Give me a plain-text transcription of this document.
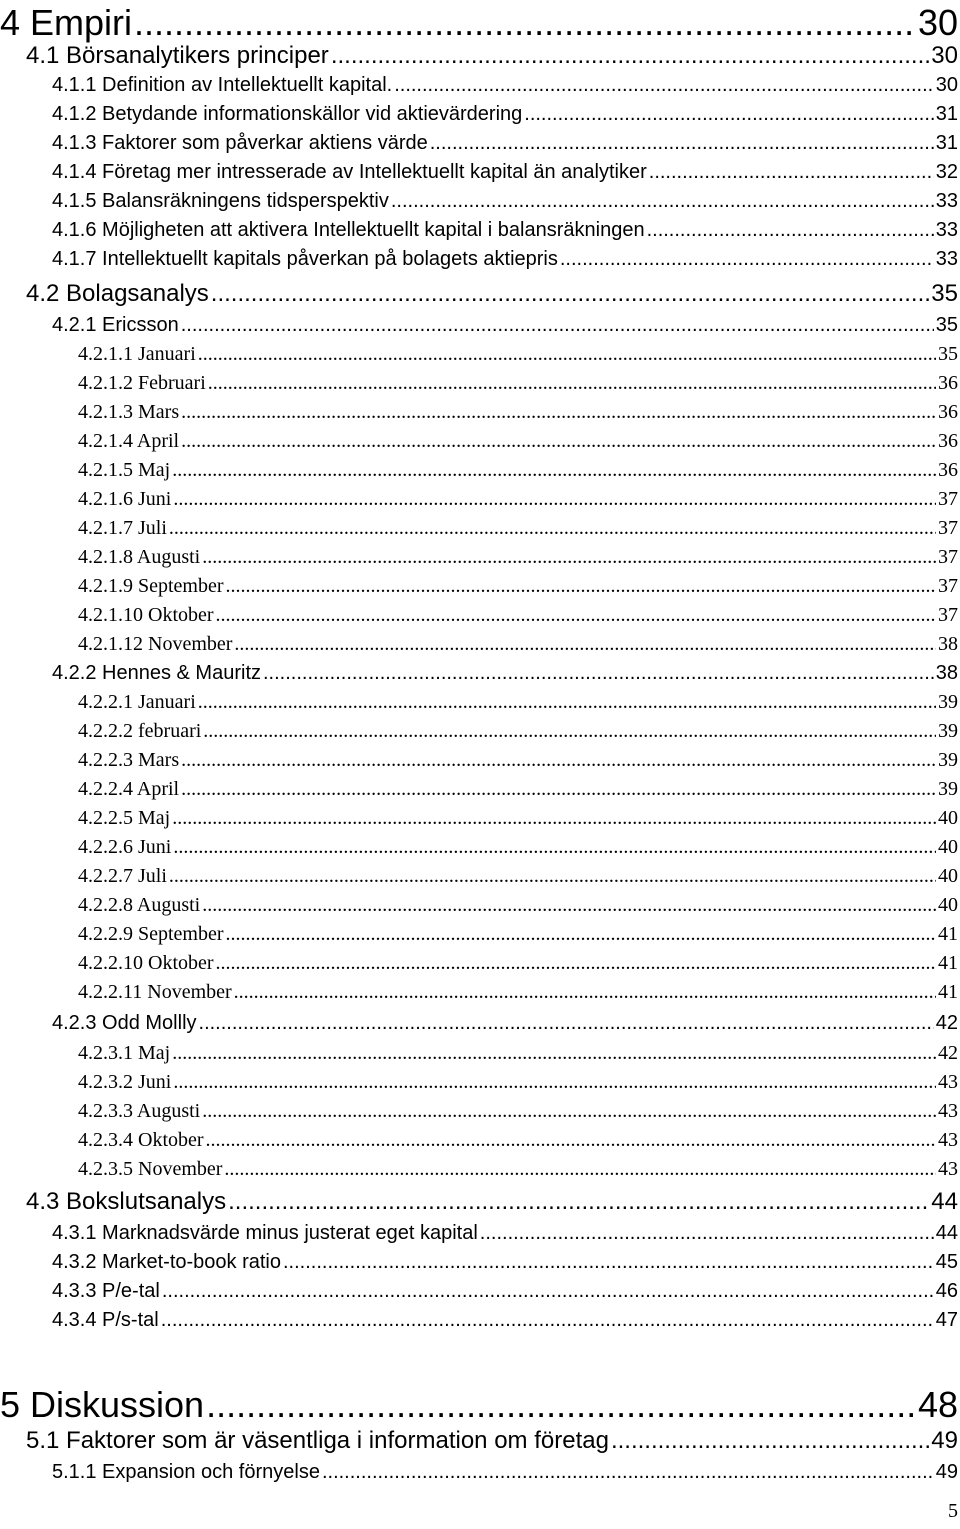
4 Empiri .....	30
4.1 Börsanalytikers principer .....	30
4.1.1 Definition av Intellektuellt kapital. .....	30
4.1.2 Betydande informationskällor vid aktievärdering .....	31
4.1.3 Faktorer som påverkar aktiens värde .....	31
4.1.4 Företag mer intresserade av Intellektuellt kapital än analytiker .....	32
4.1.5 Balansräkningens tidsperspektiv .....	33
4.1.6 Möjligheten att aktivera Intellektuellt kapital i balansräkningen .....	33
4.1.7 Intellektuellt kapitals påverkan på bolagets aktiepris .....	33
4.2 Bolagsanalys .....	35
4.2.1 Ericsson .....	35
4.2.1.1 Januari .....	35
4.2.1.2 Februari .....	36
4.2.1.3 Mars .....	36
4.2.1.4 April .....	36
4.2.1.5 Maj .....	36
4.2.1.6 Juni .....	37
4.2.1.7 Juli .....	37
4.2.1.8 Augusti .....	37
4.2.1.9 September .....	37
4.2.1.10 Oktober .....	37
4.2.1.12 November .....	38
4.2.2 Hennes & Mauritz .....	38
4.2.2.1 Januari .....	39
4.2.2.2 februari .....	39
4.2.2.3 Mars .....	39
4.2.2.4 April .....	39
4.2.2.5 Maj .....	40
4.2.2.6 Juni .....	40
4.2.2.7 Juli .....	40
4.2.2.8 Augusti .....	40
4.2.2.9 September .....	41
4.2.2.10 Oktober .....	41
4.2.2.11 November .....	41
4.2.3 Odd Mollly .....	42
4.2.3.1 Maj .....	42
4.2.3.2 Juni .....	43
4.2.3.3 Augusti .....	43
4.2.3.4 Oktober .....	43
4.2.3.5 November .....	43
4.3 Bokslutsanalys .....	44
4.3.1 Marknadsvärde minus justerat eget kapital .....	44
4.3.2 Market-to-book ratio .....	45
4.3.3 P/e-tal .....	46
4.3.4 P/s-tal .....	47
5 Diskussion .....	48
5.1 Faktorer som är väsentliga i information om företag .....	49
5.1.1 Expansion och förnyelse .....	49
5
